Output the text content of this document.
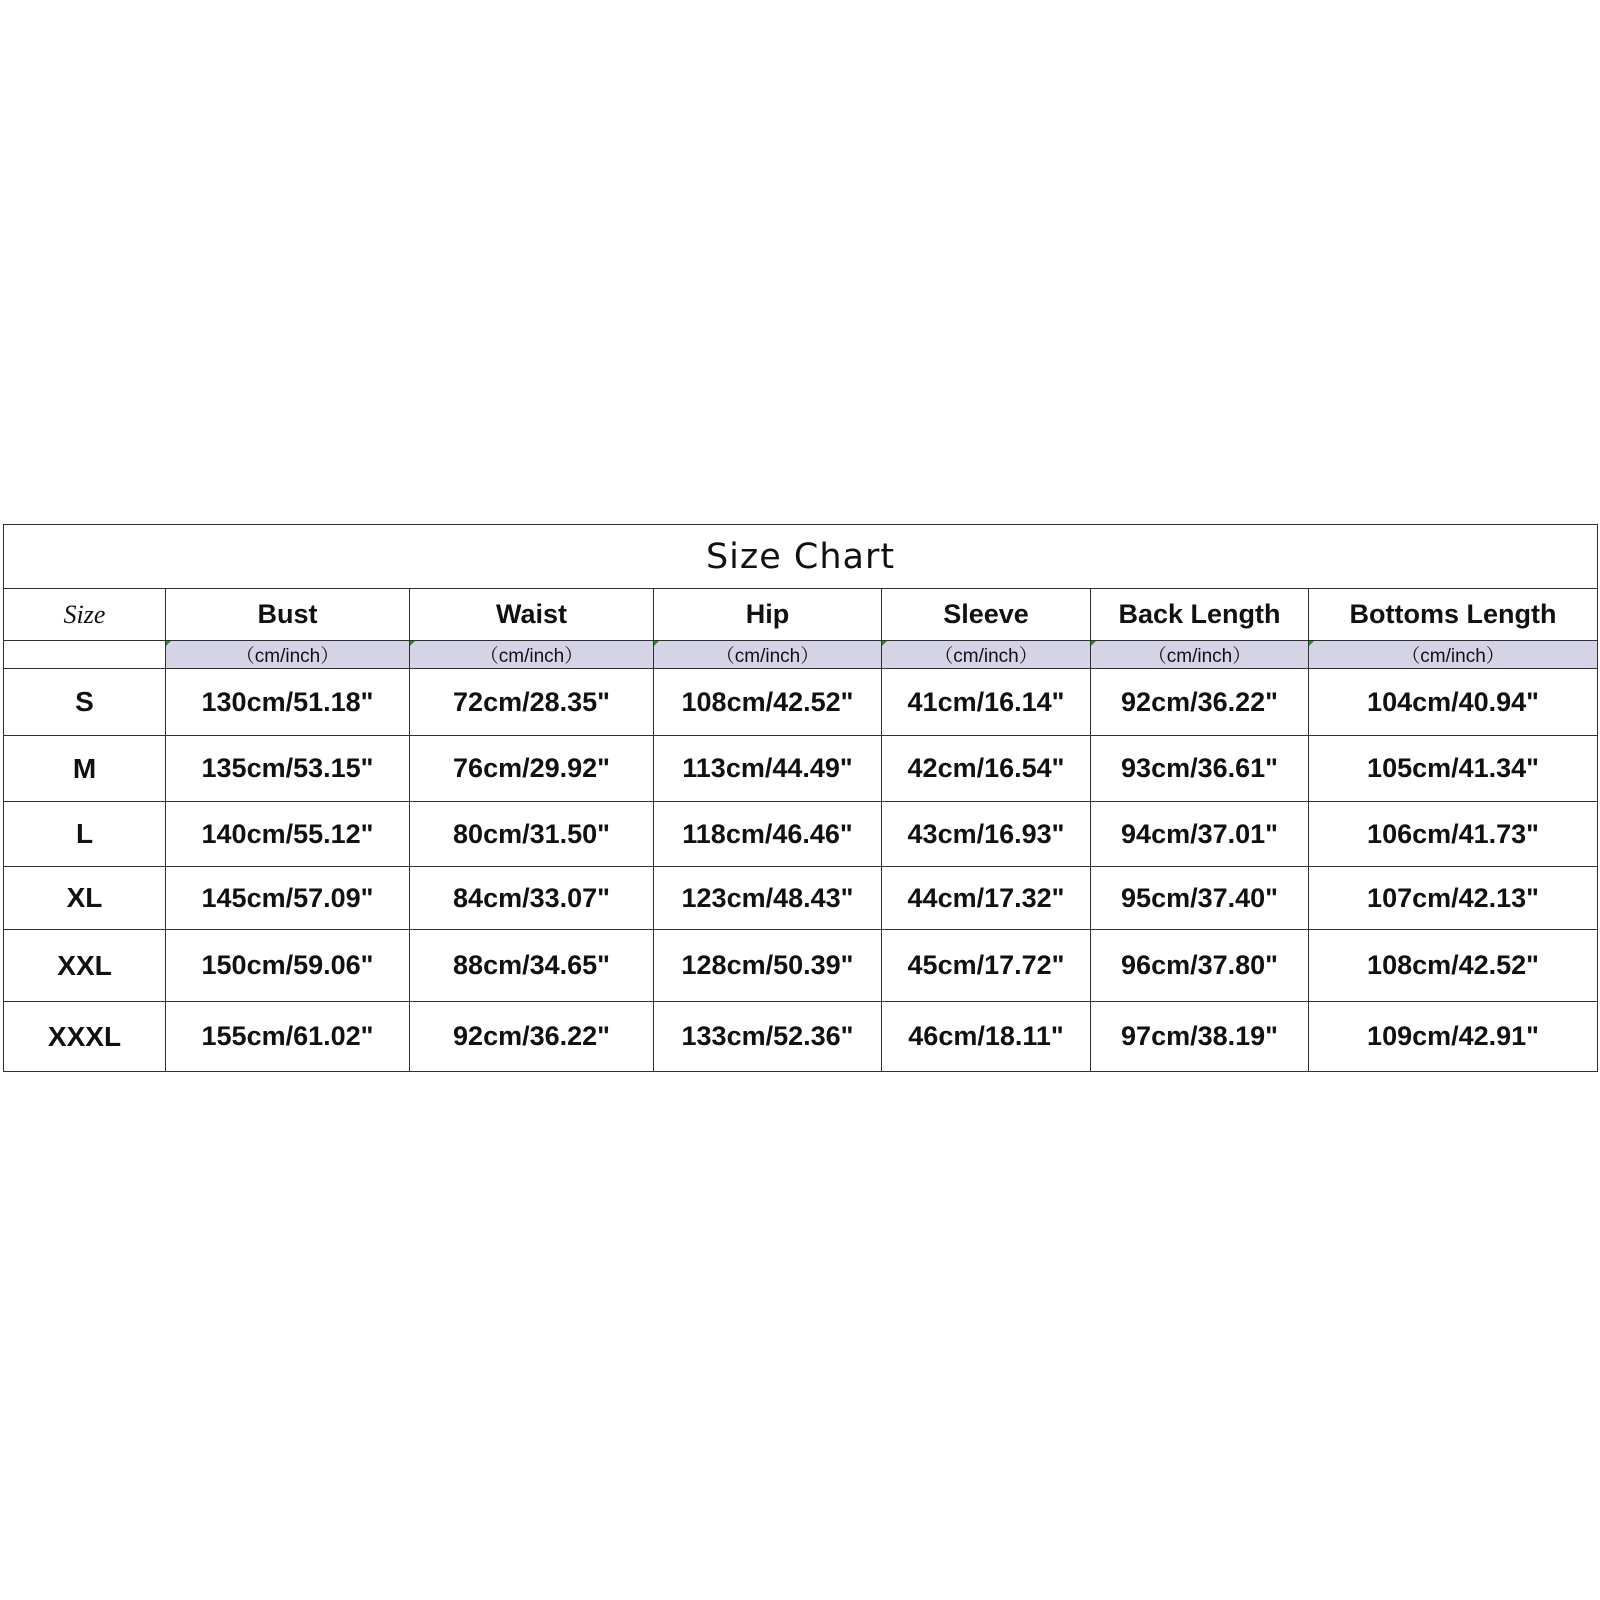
Size Chart						
Size	Bust	Waist	Hip	Sleeve	Back Length	Bottoms Length
	（cm/inch）	（cm/inch）	（cm/inch）	（cm/inch）	（cm/inch）	（cm/inch）
S	130cm/51.18"	72cm/28.35"	108cm/42.52"	41cm/16.14"	92cm/36.22"	104cm/40.94"
M	135cm/53.15"	76cm/29.92"	113cm/44.49"	42cm/16.54"	93cm/36.61"	105cm/41.34"
L	140cm/55.12"	80cm/31.50"	118cm/46.46"	43cm/16.93"	94cm/37.01"	106cm/41.73"
XL	145cm/57.09"	84cm/33.07"	123cm/48.43"	44cm/17.32"	95cm/37.40"	107cm/42.13"
XXL	150cm/59.06"	88cm/34.65"	128cm/50.39"	45cm/17.72"	96cm/37.80"	108cm/42.52"
XXXL	155cm/61.02"	92cm/36.22"	133cm/52.36"	46cm/18.11"	97cm/38.19"	109cm/42.91"
